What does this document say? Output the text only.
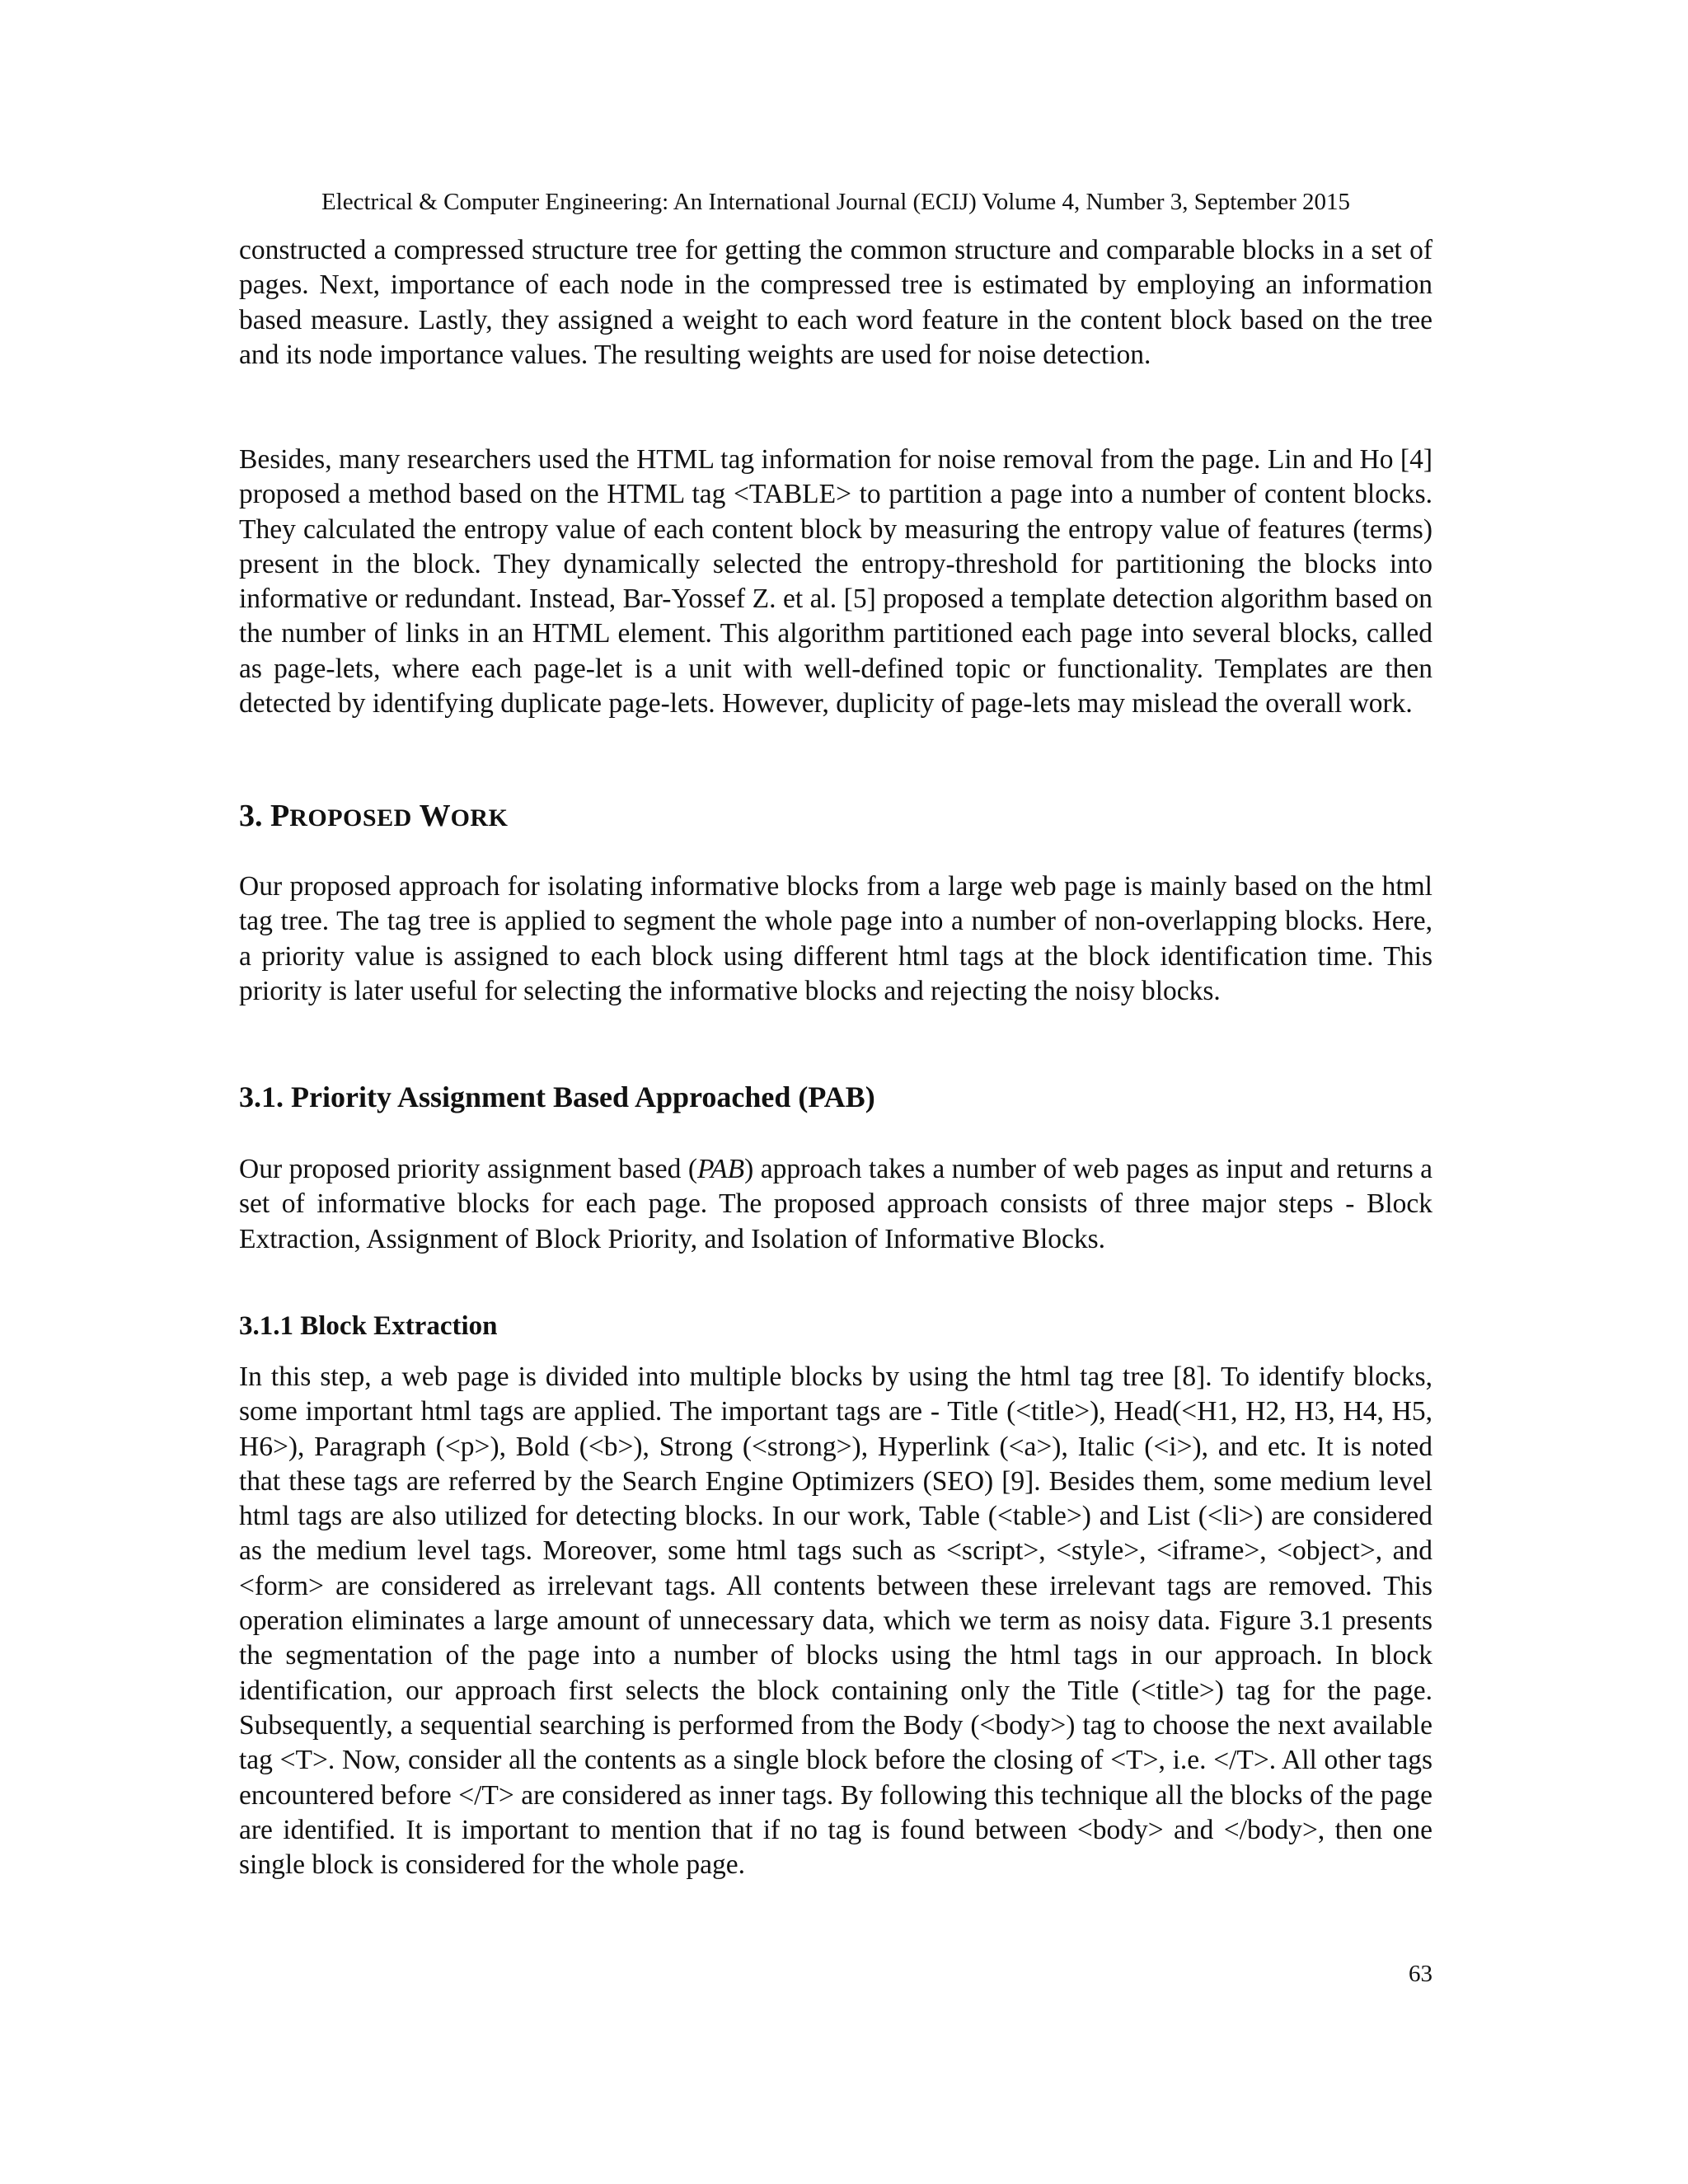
Electrical & Computer Engineering: An International Journal (ECIJ) Volume 4, Number 3, September 2015

constructed a compressed structure tree for getting the common structure and comparable blocks in a set of pages. Next, importance of each node in the compressed tree is estimated by employing an information based measure. Lastly, they assigned a weight to each word feature in the content block based on the tree and its node importance values. The resulting weights are used for noise detection.

Besides, many researchers used the HTML tag information for noise removal from the page. Lin and Ho [4] proposed a method based on the HTML tag <TABLE> to partition a page into a number of content blocks. They calculated the entropy value of each content block by measuring the entropy value of features (terms) present in the block. They dynamically selected the entropy-threshold for partitioning the blocks into informative or redundant. Instead, Bar-Yossef Z. et al. [5] proposed a template detection algorithm based on the number of links in an HTML element. This algorithm partitioned each page into several blocks, called as page-lets, where each page-let is a unit with well-defined topic or functionality. Templates are then detected by identifying duplicate page-lets. However, duplicity of page-lets may mislead the overall work.

3. PROPOSED WORK

Our proposed approach for isolating informative blocks from a large web page is mainly based on the html tag tree. The tag tree is applied to segment the whole page into a number of non-overlapping blocks. Here, a priority value is assigned to each block using different html tags at the block identification time. This priority is later useful for selecting the informative blocks and rejecting the noisy blocks.

3.1. Priority Assignment Based Approached (PAB)

Our proposed priority assignment based (PAB) approach takes a number of web pages as input and returns a set of informative blocks for each page. The proposed approach consists of three major steps - Block Extraction, Assignment of Block Priority, and Isolation of Informative Blocks.

3.1.1 Block Extraction

In this step, a web page is divided into multiple blocks by using the html tag tree [8]. To identify blocks, some important html tags are applied. The important tags are - Title (<title>), Head(<H1, H2, H3, H4, H5, H6>), Paragraph (<p>), Bold (<b>), Strong (<strong>), Hyperlink (<a>), Italic (<i>), and etc. It is noted that these tags are referred by the Search Engine Optimizers (SEO) [9]. Besides them, some medium level html tags are also utilized for detecting blocks. In our work, Table (<table>) and List (<li>) are considered as the medium level tags. Moreover, some html tags such as <script>, <style>, <iframe>, <object>, and <form> are considered as irrelevant tags. All contents between these irrelevant tags are removed. This operation eliminates a large amount of unnecessary data, which we term as noisy data. Figure 3.1 presents the segmentation of the page into a number of blocks using the html tags in our approach. In block identification, our approach first selects the block containing only the Title (<title>) tag for the page. Subsequently, a sequential searching is performed from the Body (<body>) tag to choose the next available tag <T>. Now, consider all the contents as a single block before the closing of <T>, i.e. </T>. All other tags encountered before </T> are considered as inner tags. By following this technique all the blocks of the page are identified. It is important to mention that if no tag is found between <body> and </body>, then one single block is considered for the whole page.

63
